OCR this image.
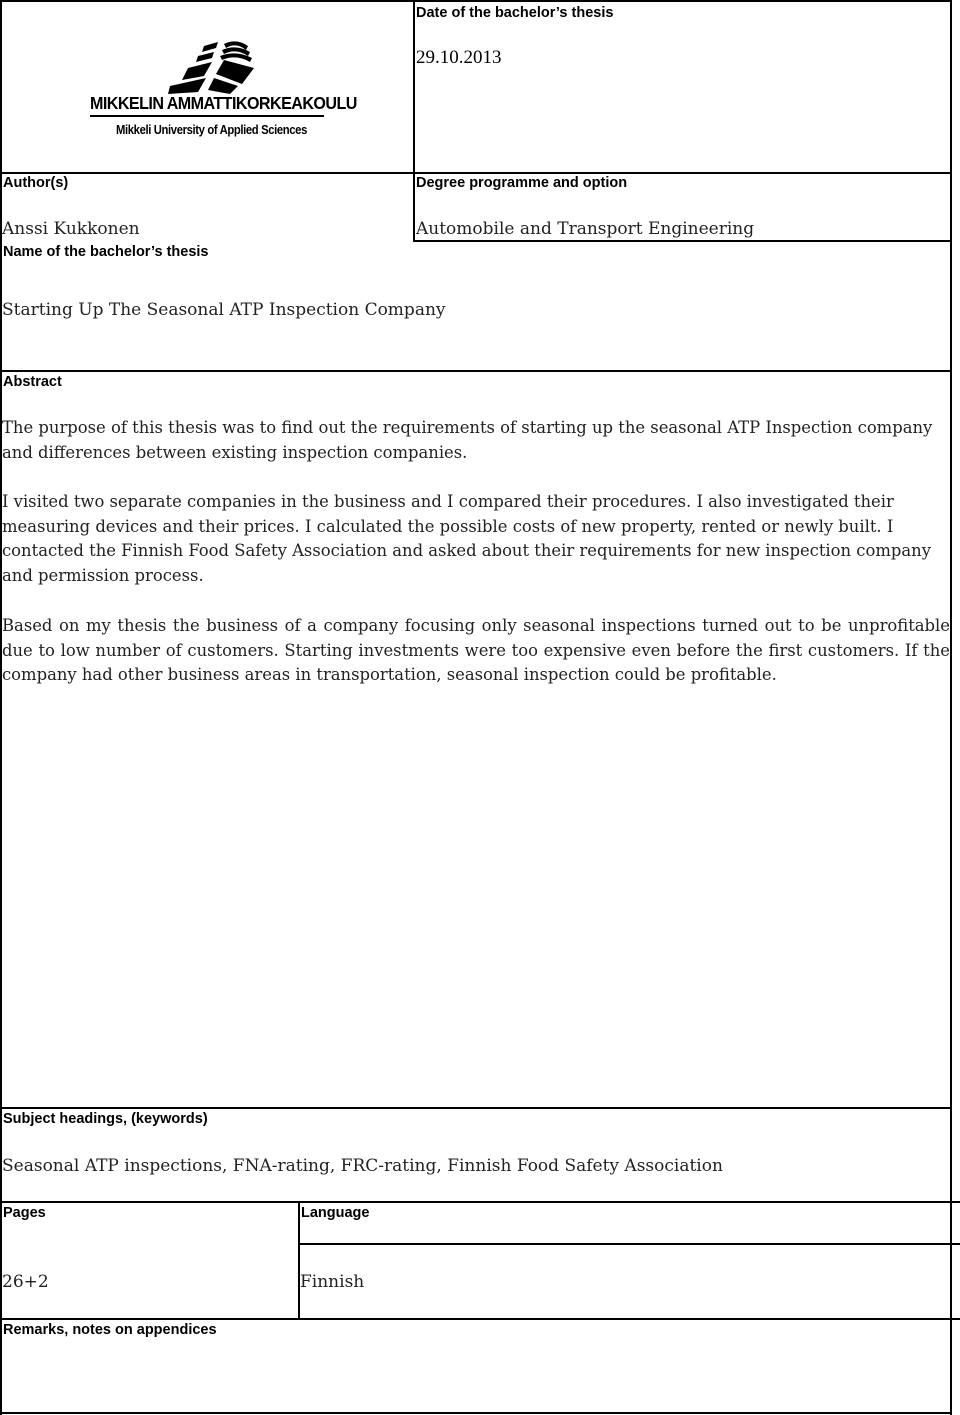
MIKKELIN AMMATTIKORKEAKOULU
Mikkeli University of Applied Sciences
Date of the bachelor’s thesis
29.10.2013
Author(s)
Anssi Kukkonen
Degree programme and option
Automobile and Transport Engineering
Name of the bachelor’s thesis
Starting Up The Seasonal ATP Inspection Company
Abstract

The purpose of this thesis was to find out the requirements of starting up the seasonal ATP Inspection company and differences between existing inspection companies.

I visited two separate companies in the business and I compared their procedures. I also investigated their measuring devices and their prices. I calculated the possible costs of new property, rented or newly built. I contacted the Finnish Food Safety Association and asked about their requirements for new inspection company and permission process.

Based on my thesis the business of a company focusing only seasonal inspections turned out to be unprofitable due to low number of customers. Starting investments were too expensive even before the first customers. If the company had other business areas in transportation, seasonal inspection could be profitable.

Subject headings, (keywords)
Seasonal ATP inspections, FNA-rating, FRC-rating, Finnish Food Safety Association
Pages
26+2
Language
Finnish
Remarks, notes on appendices
